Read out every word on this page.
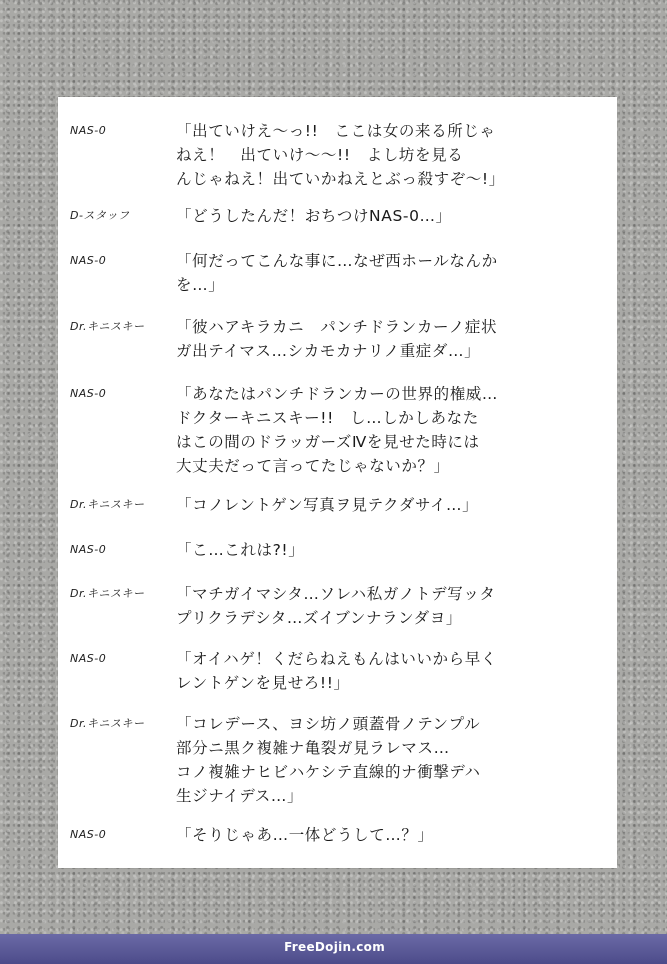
NAS-0	「出ていけえ〜っ!!　ここは女の来る所じゃ
ねえ！　出ていけ〜〜!!　よし坊を見る
んじゃねえ！出ていかねえとぶっ殺すぞ〜!」
D-スタッフ	「どうしたんだ！おちつけNAS-0…」
NAS-0	「何だってこんな事に…なぜ西ホールなんか
を…」
Dr.キニスキー	「彼ハアキラカニ　パンチドランカーノ症状
ガ出テイマス…シカモカナリノ重症ダ…」
NAS-0	「あなたはパンチドランカーの世界的権威…
ドクターキニスキー!!　し…しかしあなた
はこの間のドラッガーズⅣを見せた時には
大丈夫だって言ってたじゃないか？」
Dr.キニスキー	「コノレントゲン写真ヲ見テクダサイ…」
NAS-0	「こ…これは?!」
Dr.キニスキー	「マチガイマシタ…ソレハ私ガノトデ写ッタ
プリクラデシタ…ズイブンナランダヨ」
NAS-0	「オイハゲ！くだらねえもんはいいから早く
レントゲンを見せろ!!」
Dr.キニスキー	「コレデース、ヨシ坊ノ頭蓋骨ノテンプル
部分ニ黒ク複雑ナ亀裂ガ見ラレマス…
コノ複雑ナヒビハケシテ直線的ナ衝撃デハ
生ジナイデス…」
NAS-0	「そりじゃあ…一体どうして…？」
FreeDojin.com
